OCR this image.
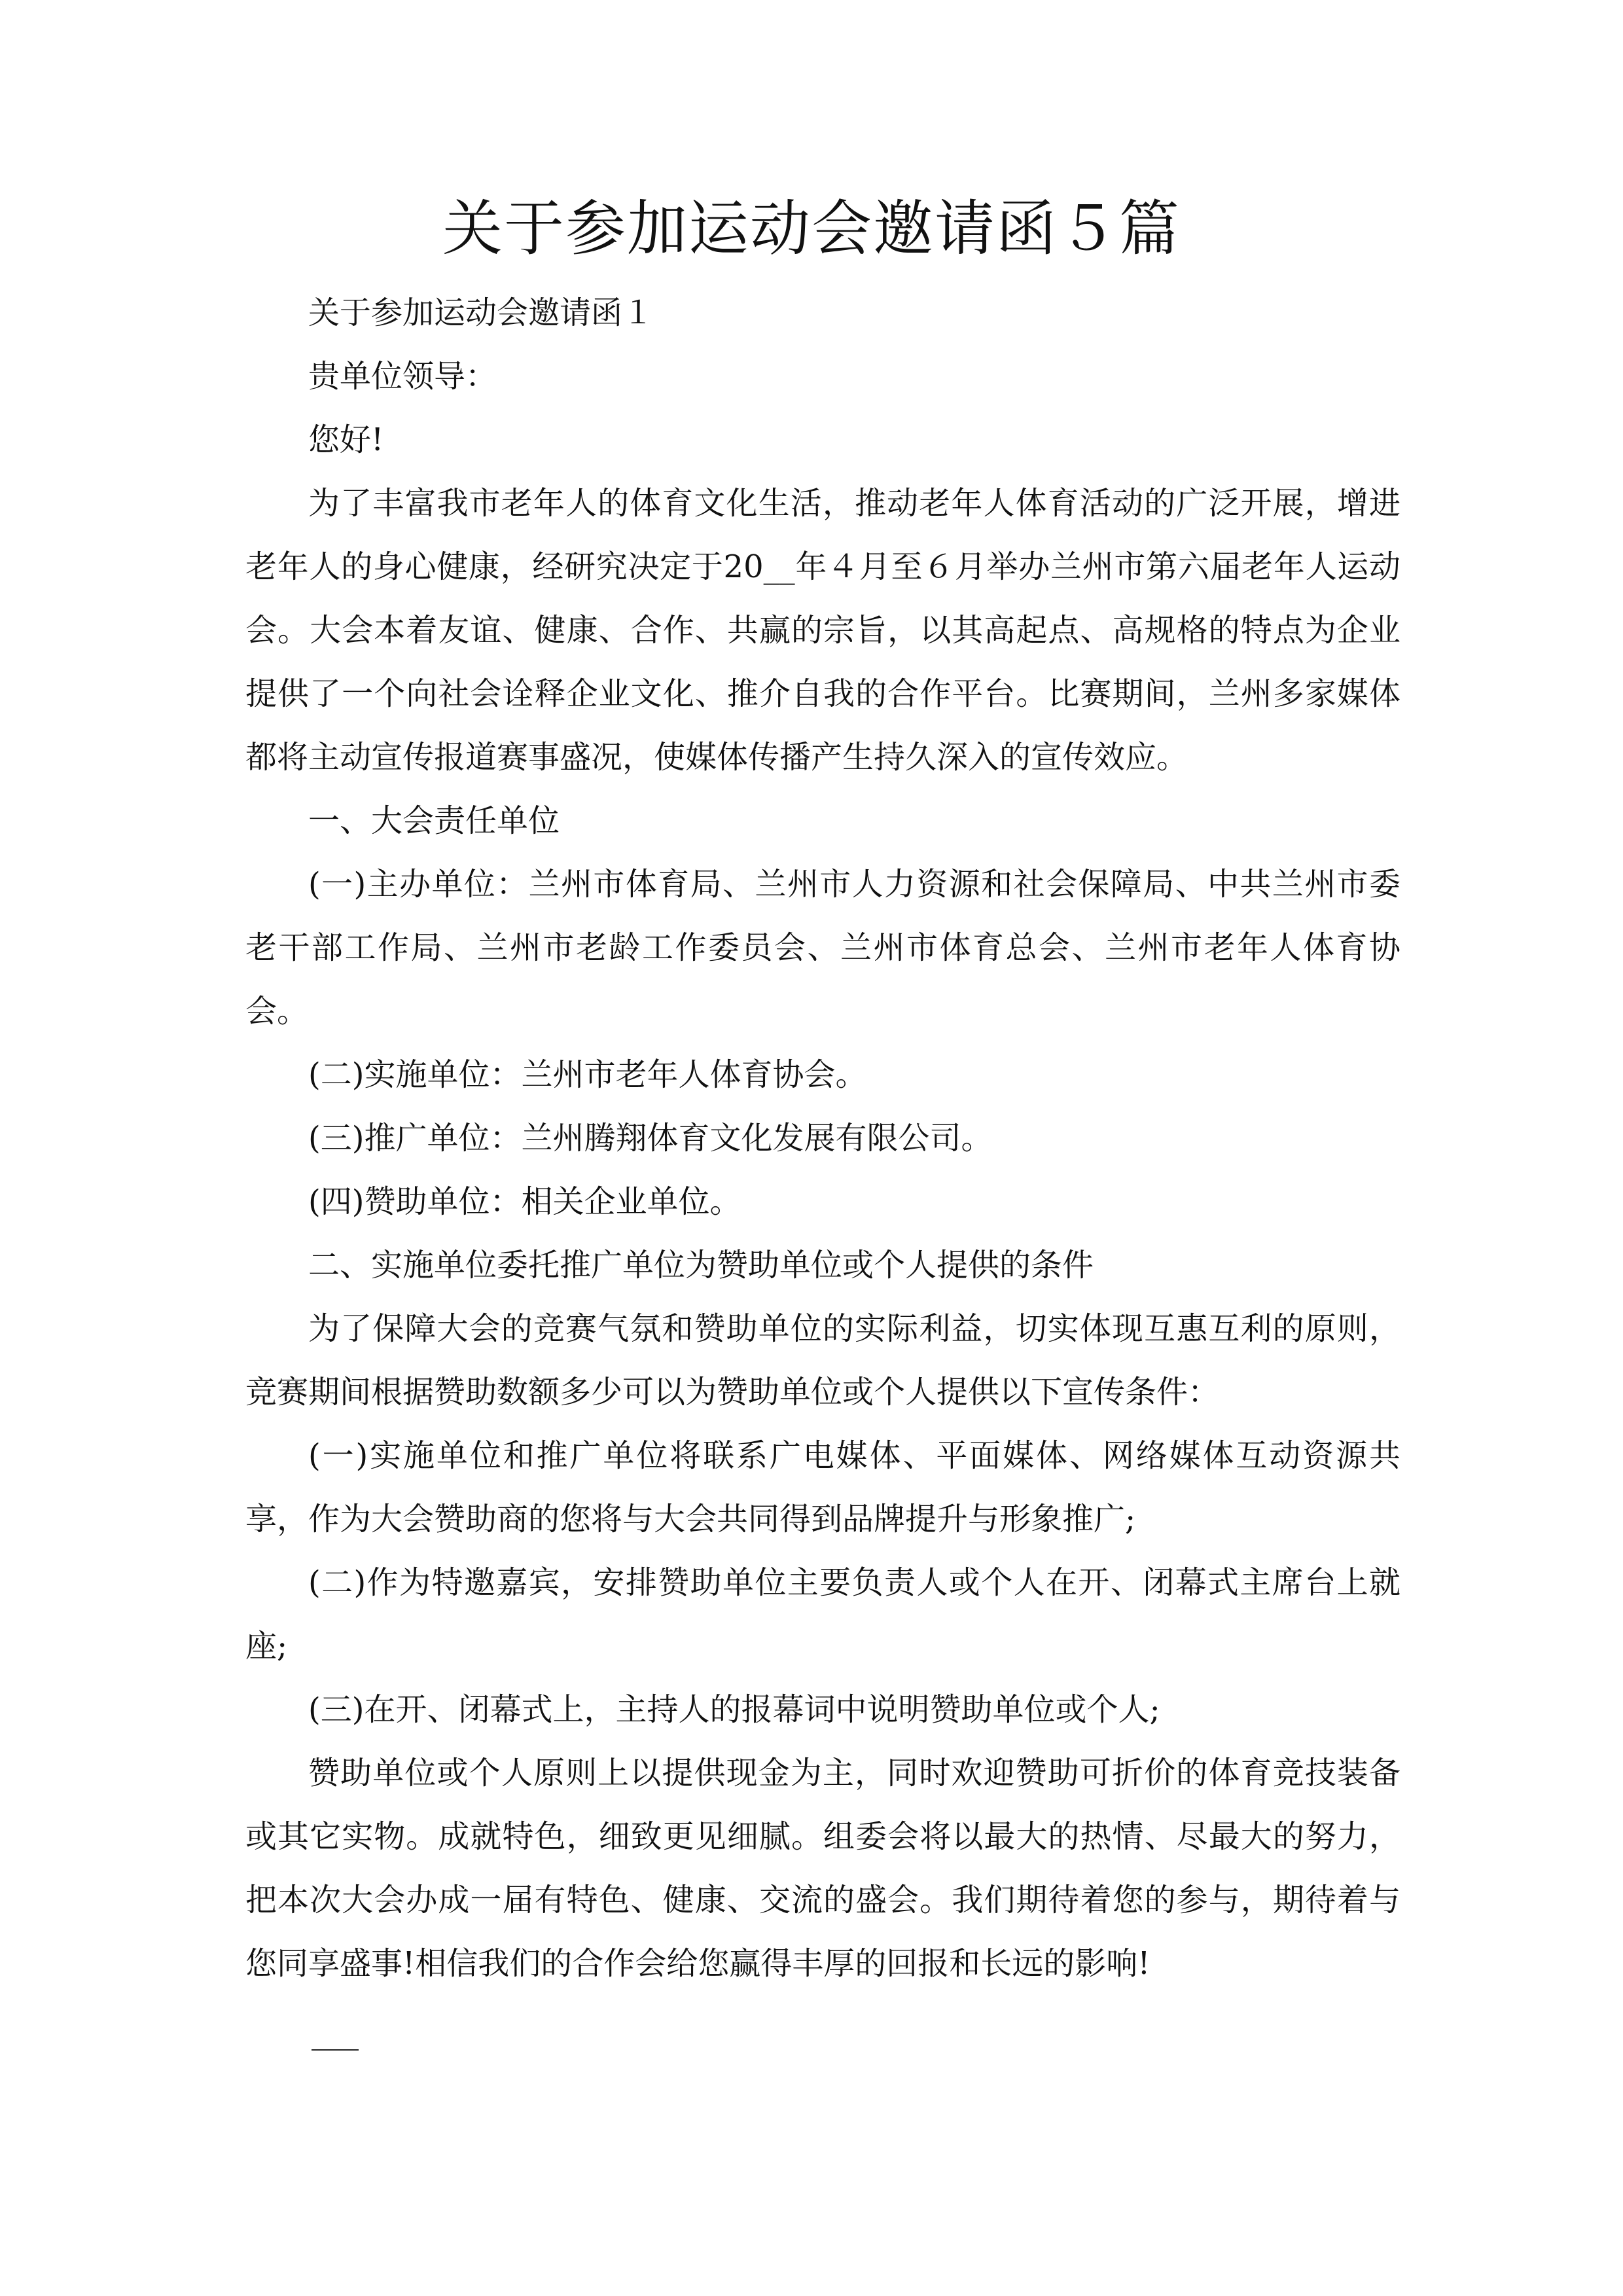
关于参加运动会邀请函５篇

关于参加运动会邀请函１

贵单位领导：

您好!

为了丰富我市老年人的体育文化生活，推动老年人体育活动的广泛开展，增进老年人的身心健康，经研究决定于20__年４月至６月举办兰州市第六届老年人运动会。大会本着友谊、健康、合作、共赢的宗旨，以其高起点、高规格的特点为企业提供了一个向社会诠释企业文化、推介自我的合作平台。比赛期间，兰州多家媒体都将主动宣传报道赛事盛况，使媒体传播产生持久深入的宣传效应。

一、大会责任单位

(一)主办单位：兰州市体育局、兰州市人力资源和社会保障局、中共兰州市委老干部工作局、兰州市老龄工作委员会、兰州市体育总会、兰州市老年人体育协会。

(二)实施单位：兰州市老年人体育协会。

(三)推广单位：兰州腾翔体育文化发展有限公司。

(四)赞助单位：相关企业单位。

二、实施单位委托推广单位为赞助单位或个人提供的条件

为了保障大会的竞赛气氛和赞助单位的实际利益，切实体现互惠互利的原则，竞赛期间根据赞助数额多少可以为赞助单位或个人提供以下宣传条件：

(一)实施单位和推广单位将联系广电媒体、平面媒体、网络媒体互动资源共享，作为大会赞助商的您将与大会共同得到品牌提升与形象推广;

(二)作为特邀嘉宾，安排赞助单位主要负责人或个人在开、闭幕式主席台上就座;

(三)在开、闭幕式上，主持人的报幕词中说明赞助单位或个人;

赞助单位或个人原则上以提供现金为主，同时欢迎赞助可折价的体育竞技装备或其它实物。成就特色，细致更见细腻。组委会将以最大的热情、尽最大的努力，把本次大会办成一届有特色、健康、交流的盛会。我们期待着您的参与，期待着与您同享盛事!相信我们的合作会给您赢得丰厚的回报和长远的影响!
